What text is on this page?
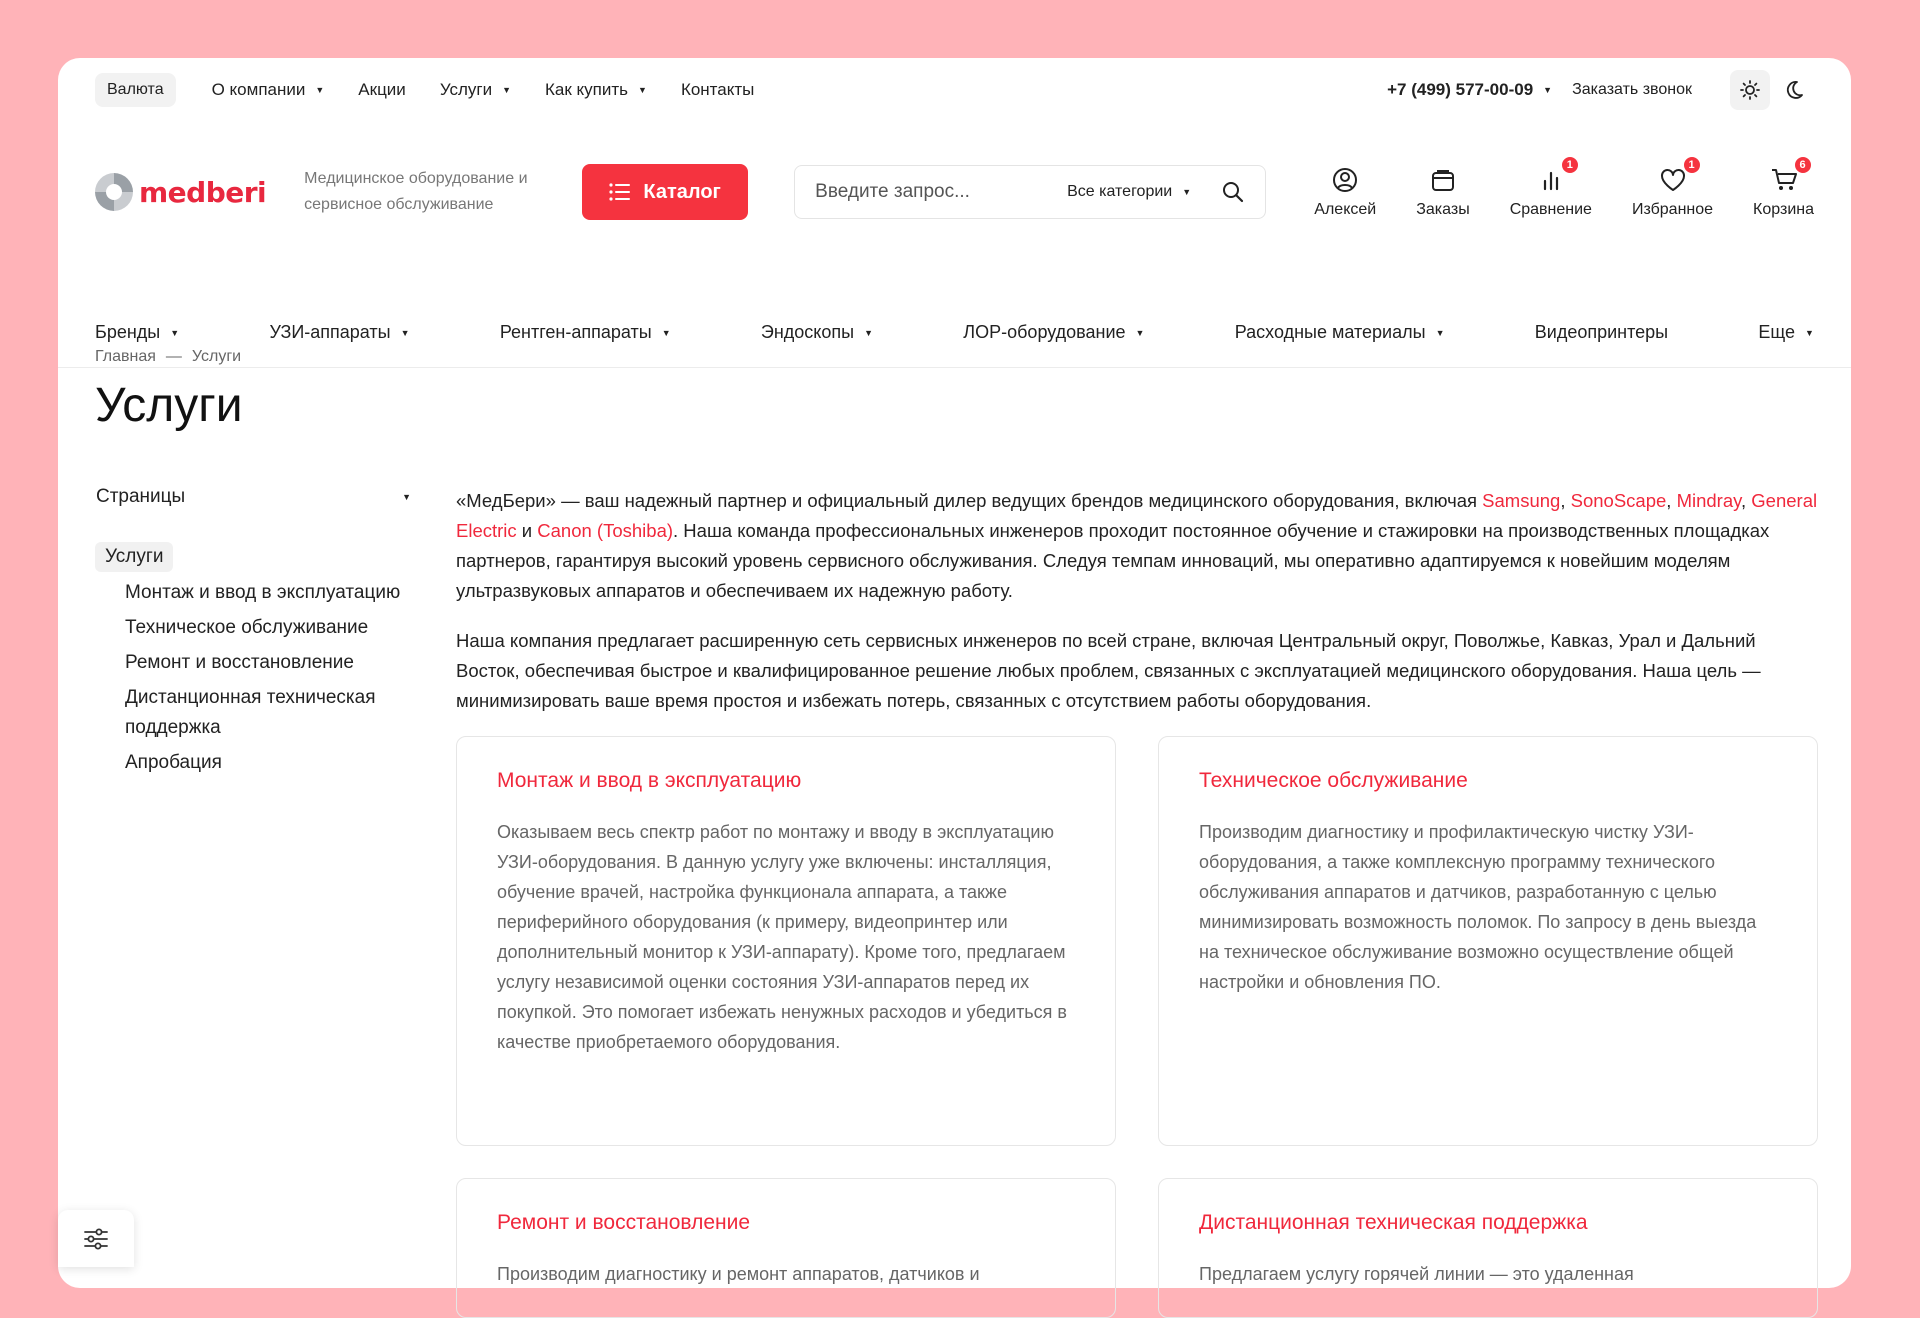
Валюта	О компании ▼ Акции Услуги ▼ Как купить ▼ Контакты	+7 (499) 577-00-09 ▼ Заказать звонок
medberi Медицинское оборудование и сервисное обслуживание
Каталог	Введите запрос...	Все категории ▼
Алексей	Заказы
1
Сравнение
1
Избранное
6
Корзина
Бренды ▼	УЗИ-аппараты ▼	Рентген-аппараты ▼	Эндоскопы ▼	ЛОР-оборудование ▼	Расходные материалы ▼	Видеопринтеры	Еще ▼
Главная — Услуги
Услуги
Страницы	▼
Услуги
Монтаж и ввод в эксплуатацию
Техническое обслуживание
Ремонт и восстановление
Дистанционная техническая поддержка
Апробация

«МедБери» — ваш надежный партнер и официальный дилер ведущих брендов медицинского оборудования, включая Samsung, SonoScape, Mindray, General Electric и Canon (Toshiba). Наша команда профессиональных инженеров проходит постоянное обучение и стажировки на производственных площадках партнеров, гарантируя высокий уровень сервисного обслуживания. Следуя темпам инноваций, мы оперативно адаптируемся к новейшим моделям ультразвуковых аппаратов и обеспечиваем их надежную работу.

Наша компания предлагает расширенную сеть сервисных инженеров по всей стране, включая Центральный округ, Поволжье, Кавказ, Урал и Дальний Восток, обеспечивая быстрое и квалифицированное решение любых проблем, связанных с эксплуатацией медицинского оборудования. Наша цель — минимизировать ваше время простоя и избежать потерь, связанных с отсутствием работы оборудования.

Монтаж и ввод в эксплуатацию

Оказываем весь спектр работ по монтажу и вводу в эксплуатацию УЗИ-оборудования. В данную услугу уже включены: инсталляция, обучение врачей, настройка функционала аппарата, а также периферийного оборудования (к примеру, видеопринтер или дополнительный монитор к УЗИ-аппарату). Кроме того, предлагаем услугу независимой оценки состояния УЗИ-аппаратов перед их покупкой. Это помогает избежать ненужных расходов и убедиться в качестве приобретаемого оборудования.

Техническое обслуживание

Производим диагностику и профилактическую чистку УЗИ-оборудования, а также комплексную программу технического обслуживания аппаратов и датчиков, разработанную с целью минимизировать возможность поломок. По запросу в день выезда на техническое обслуживание возможно осуществление общей настройки и обновления ПО.

Ремонт и восстановление

Производим диагностику и ремонт аппаратов, датчиков и

Дистанционная техническая поддержка

Предлагаем услугу горячей линии — это удаленная
